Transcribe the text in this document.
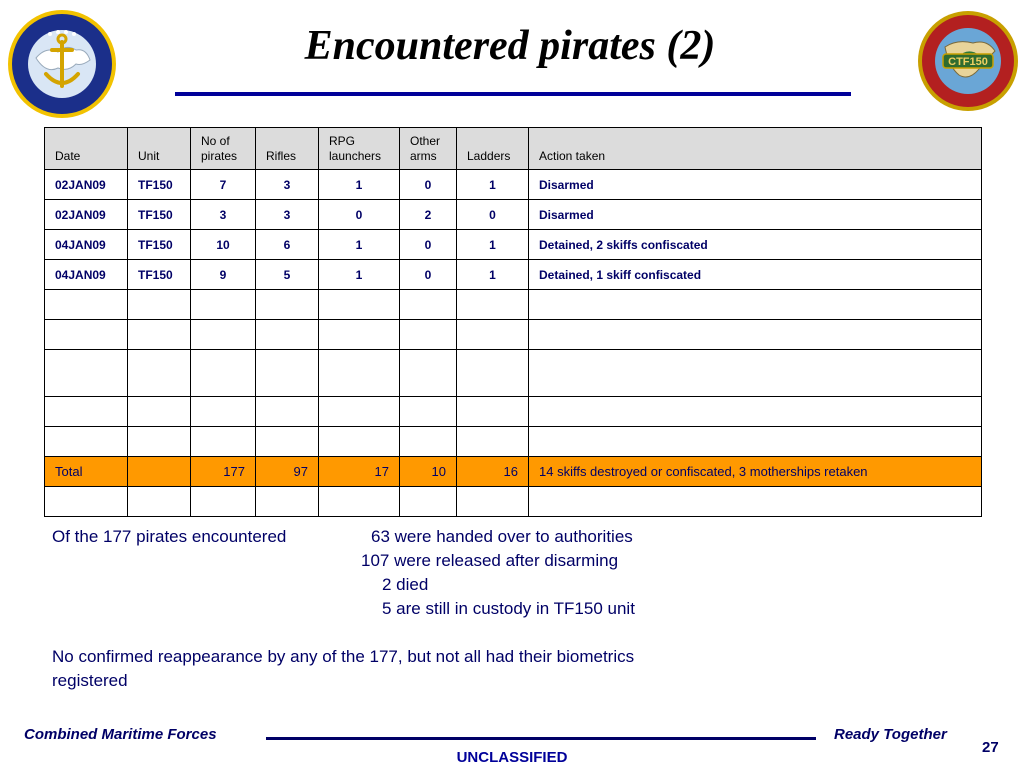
Encountered pirates (2)	CTF150
Date	Unit	No of pirates	Rifles	RPG launchers	Other arms	Ladders	Action taken
02JAN09	TF150	7	3	1	0	1	Disarmed
02JAN09	TF150	3	3	0	2	0	Disarmed
04JAN09	TF150	10	6	1	0	1	Detained, 2 skiffs confiscated
04JAN09	TF150	9	5	1	0	1	Detained, 1 skiff confiscated

Total		177	97	17	10	16	14 skiffs destroyed or confiscated, 3 motherships retaken

Of the 177 pirates encountered	63 were handed over to authorities
107 were released after disarming
2 died
5 are still in custody in TF150 unit
No confirmed reappearance by any of the 177, but not all had their biometrics
registered
Combined Maritime Forces	Ready Together
27
UNCLASSIFIED
